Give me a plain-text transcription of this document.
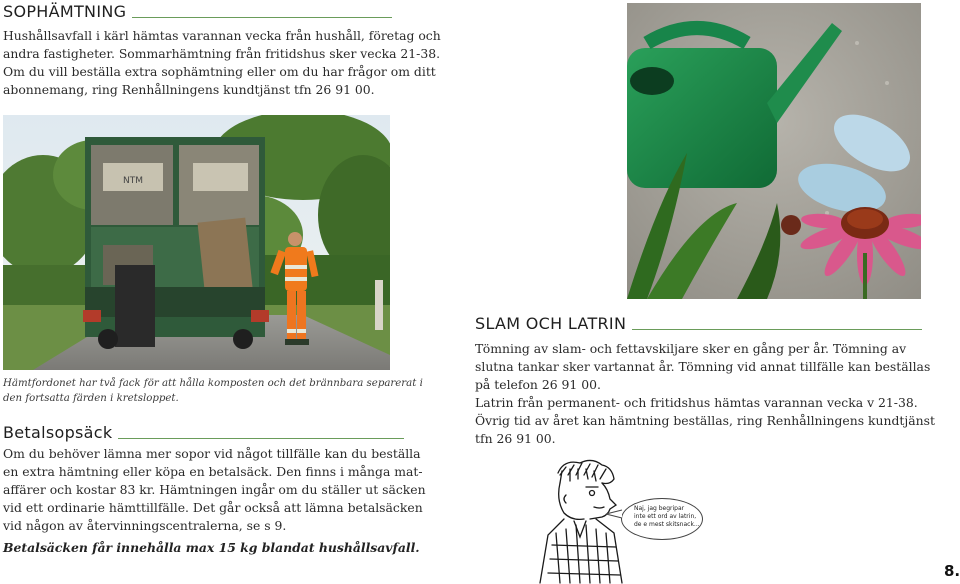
SOPHÄMTNING
Hushållsavfall i kärl hämtas varannan vecka från hushåll, företag och
andra fastigheter. Sommarhämtning från fritidshus sker vecka 21-38.
Om du vill beställa extra sophämtning eller om du har frågor om ditt
abonnemang, ring Renhållningens kundtjänst tfn 26 91 00.
NTM
Hämtfordonet har två fack för att hålla komposten och det brännbara separerat i
den fortsatta färden i kretsloppet.
Betalsopsäck
Om du behöver lämna mer sopor vid något tillfälle kan du beställa
en extra hämtning eller köpa en betalsäck. Den finns i många mat-
affärer och kostar 83 kr. Hämtningen ingår om du ställer ut säcken
vid ett ordinarie hämttillfälle. Det går också att lämna betalsäcken
vid någon av återvinningscentralerna, se s 9.
Betalsäcken får innehålla max 15 kg blandat hushållsavfall.
SLAM OCH LATRIN
Tömning av slam- och fettavskiljare sker en gång per år. Tömning av
slutna tankar sker vartannat år. Tömning vid annat tillfälle kan beställas
på telefon 26 91 00.
Latrin från permanent- och fritidshus hämtas varannan vecka v 21-38.
Övrig tid av året kan hämtning beställas, ring Renhållningens kundtjänst
tfn 26 91 00.
Naj, jag begripar
inte ett ord av latrin,
de e mest skitsnack...
8.
